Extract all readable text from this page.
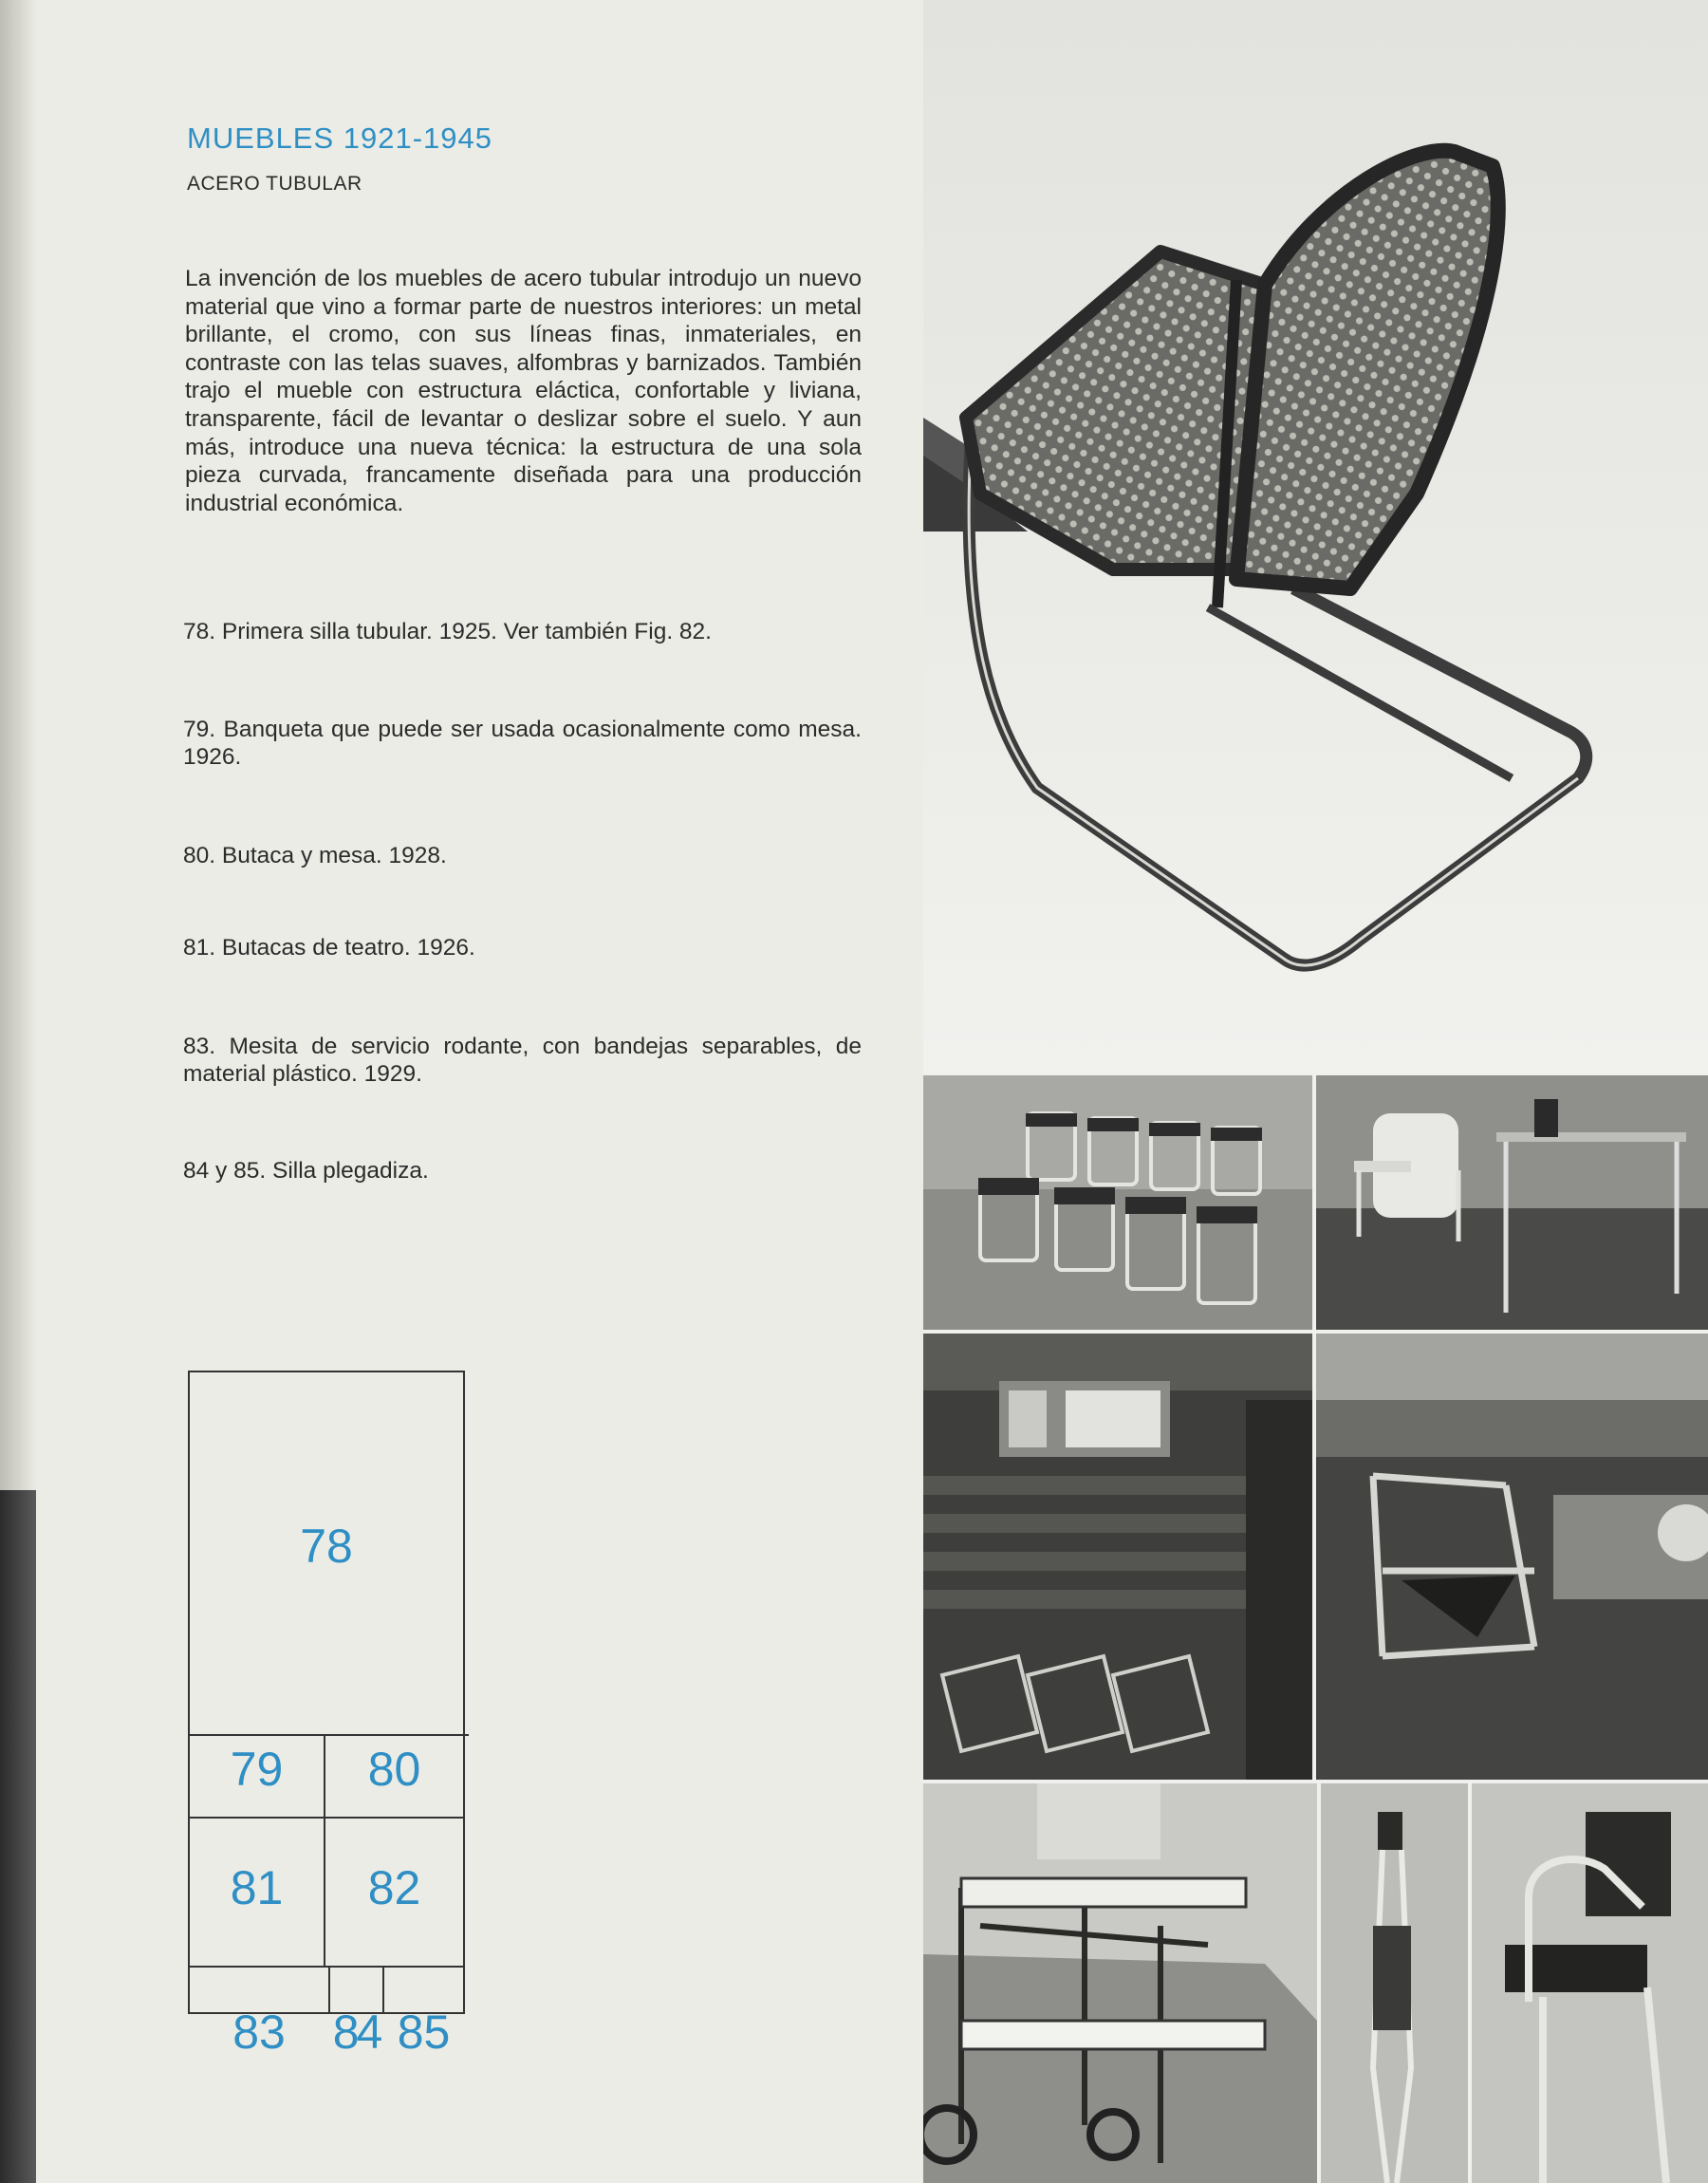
MUEBLES 1921-1945
ACERO TUBULAR

La invención de los muebles de acero tubular introdujo un nuevo material que vino a formar parte de nuestros interiores: un metal brillante, el cromo, con sus líneas finas, inmateriales, en contraste con las telas suaves, alfombras y barnizados. También trajo el mueble con estructura eláctica, confortable y liviana, transparente, fácil de levantar o deslizar sobre el suelo. Y aun más, introduce una nueva técnica: la estructura de una sola pieza curvada, francamente diseñada para una producción industrial económica.

78. Primera silla tubular. 1925. Ver también Fig. 82.

79. Banqueta que puede ser usada ocasionalmente como mesa. 1926.

80. Butaca y mesa. 1928.

81. Butacas de teatro. 1926.

83. Mesita de servicio rodante, con bandejas separables, de material plástico. 1929.

84 y 85. Silla plegadiza.

78
79	80
81	82
83 84 85
